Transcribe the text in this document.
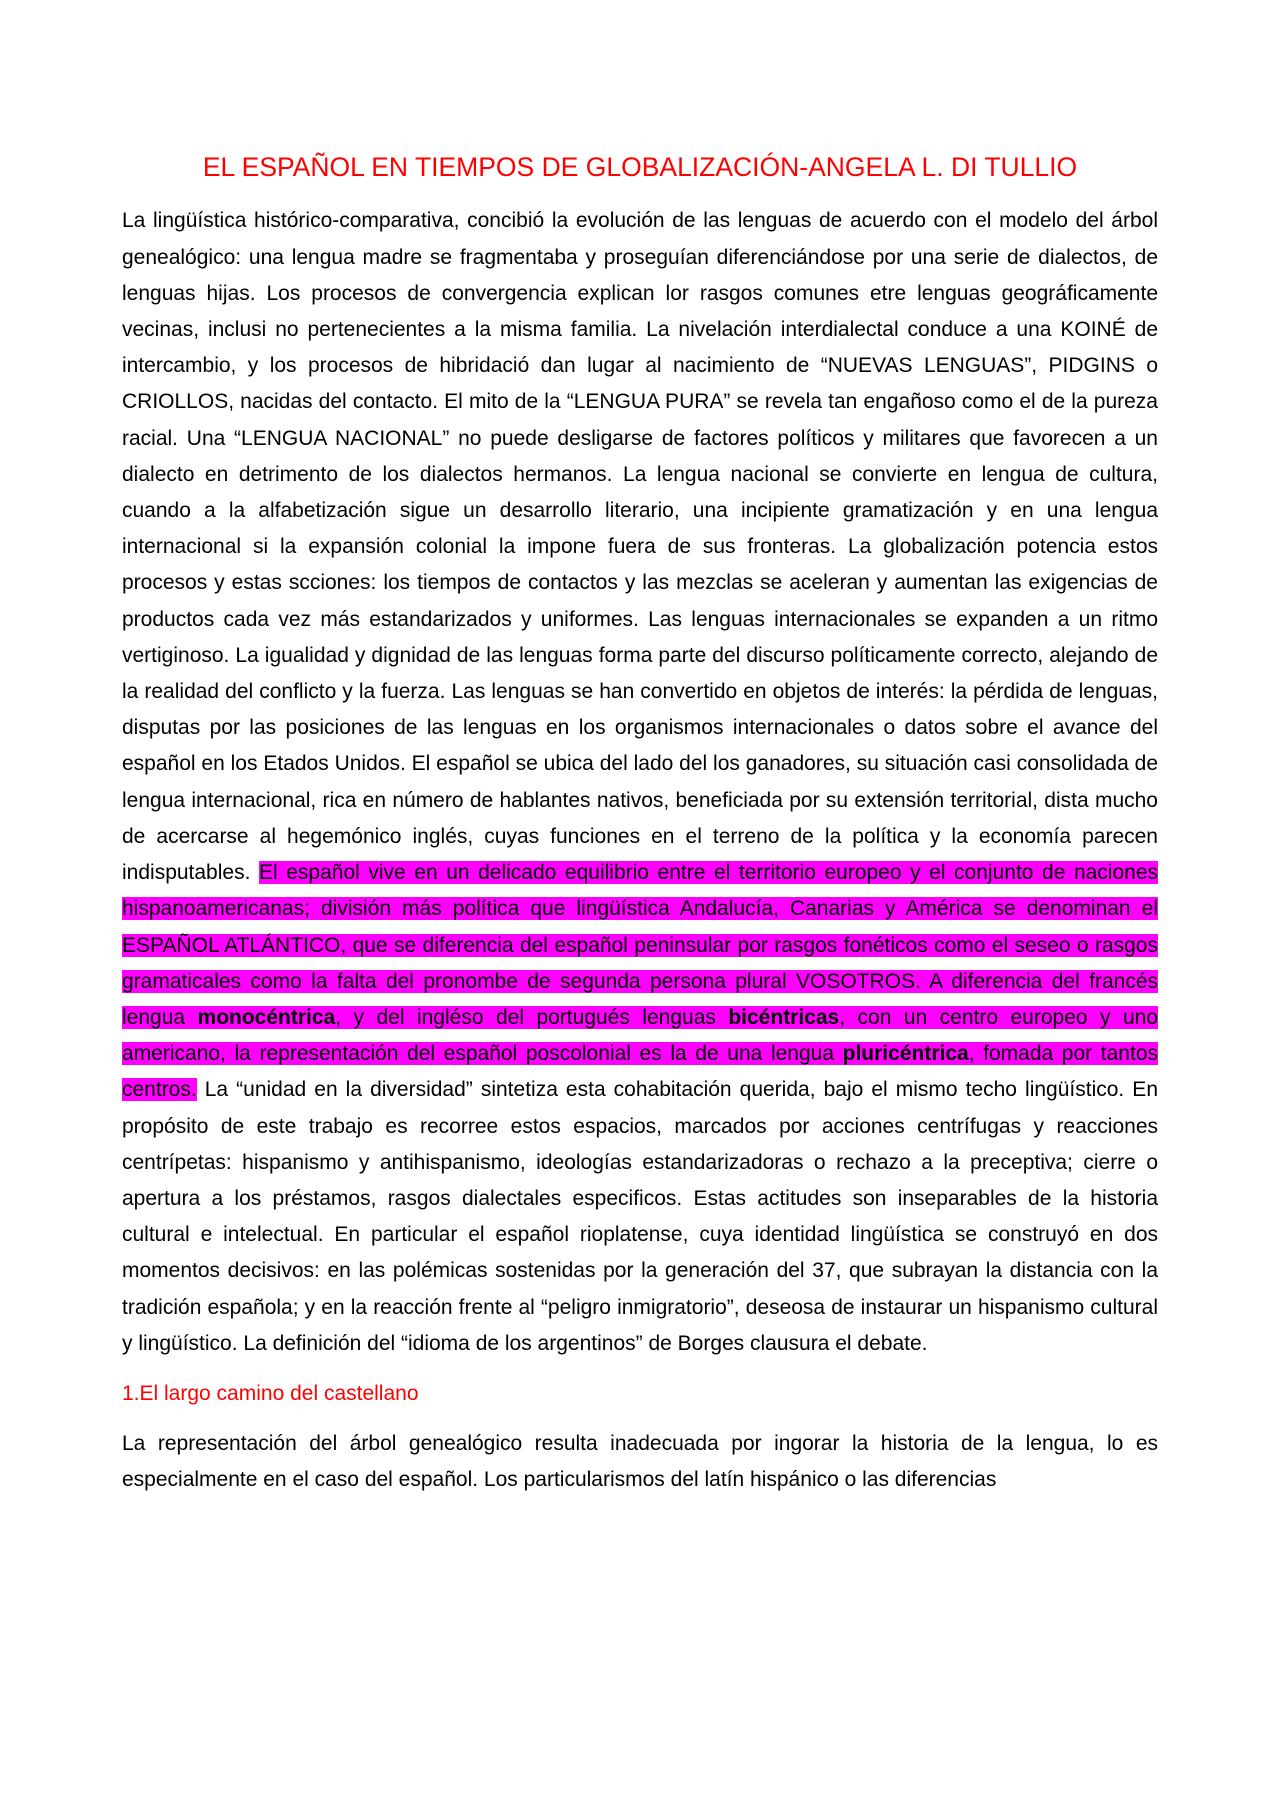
EL ESPAÑOL EN TIEMPOS DE GLOBALIZACIÓN-ANGELA L. DI TULLIO

La lingüística histórico-comparativa, concibió la evolución de las lenguas de acuerdo con el modelo del árbol genealógico: una lengua madre se fragmentaba y proseguían diferenciándose por una serie de dialectos, de lenguas hijas. Los procesos de convergencia explican lor rasgos comunes etre lenguas geográficamente vecinas, inclusi no pertenecientes a la misma familia. La nivelación interdialectal conduce a una KOINÉ de intercambio, y los procesos de hibridació dan lugar al nacimiento de “NUEVAS LENGUAS”, PIDGINS o CRIOLLOS, nacidas del contacto. El mito de la “LENGUA PURA” se revela tan engañoso como el de la pureza racial. Una “LENGUA NACIONAL” no puede desligarse de factores políticos y militares que favorecen a un dialecto en detrimento de los dialectos hermanos. La lengua nacional se convierte en lengua de cultura, cuando a la alfabetización sigue un desarrollo literario, una incipiente gramatización y en una lengua internacional si la expansión colonial la impone fuera de sus fronteras. La globalización potencia estos procesos y estas scciones: los tiempos de contactos y las mezclas se aceleran y aumentan las exigencias de productos cada vez más estandarizados y uniformes. Las lenguas internacionales se expanden a un ritmo vertiginoso. La igualidad y dignidad de las lenguas forma parte del discurso políticamente correcto, alejando de la realidad del conflicto y la fuerza. Las lenguas se han convertido en objetos de interés: la pérdida de lenguas, disputas por las posiciones de las lenguas en los organismos internacionales o datos sobre el avance del español en los Etados Unidos. El español se ubica del lado del los ganadores, su situación casi consolidada de lengua internacional, rica en número de hablantes nativos, beneficiada por su extensión territorial, dista mucho de acercarse al hegemónico inglés, cuyas funciones en el terreno de la política y la economía parecen indisputables. El español vive en un delicado equilibrio entre el territorio europeo y el conjunto de naciones hispanoamericanas; división más política que lingüística Andalucía, Canarias y América se denominan el ESPAÑOL ATLÁNTICO, que se diferencia del español peninsular por rasgos fonéticos como el seseo o rasgos gramaticales como la falta del pronombe de segunda persona plural VOSOTROS. A diferencia del francés lengua monocéntrica, y del ingléso del portugués lenguas bicéntricas, con un centro europeo y uno americano, la representación del español poscolonial es la de una lengua pluricéntrica, fomada por tantos centros. La “unidad en la diversidad” sintetiza esta cohabitación querida, bajo el mismo techo lingüístico. En propósito de este trabajo es recorree estos espacios, marcados por acciones centrífugas y reacciones centrípetas: hispanismo y antihispanismo, ideologías estandarizadoras o rechazo a la preceptiva; cierre o apertura a los préstamos, rasgos dialectales especificos. Estas actitudes son inseparables de la historia cultural e intelectual. En particular el español rioplatense, cuya identidad lingüística se construyó en dos momentos decisivos: en las polémicas sostenidas por la generación del 37, que subrayan la distancia con la tradición española; y en la reacción frente al “peligro inmigratorio”, deseosa de instaurar un hispanismo cultural y lingüístico. La definición del “idioma de los argentinos” de Borges clausura el debate.

1.El largo camino del castellano

La representación del árbol genealógico resulta inadecuada por ingorar la historia de la lengua, lo es especialmente en el caso del español. Los particularismos del latín hispánico o las diferencias
